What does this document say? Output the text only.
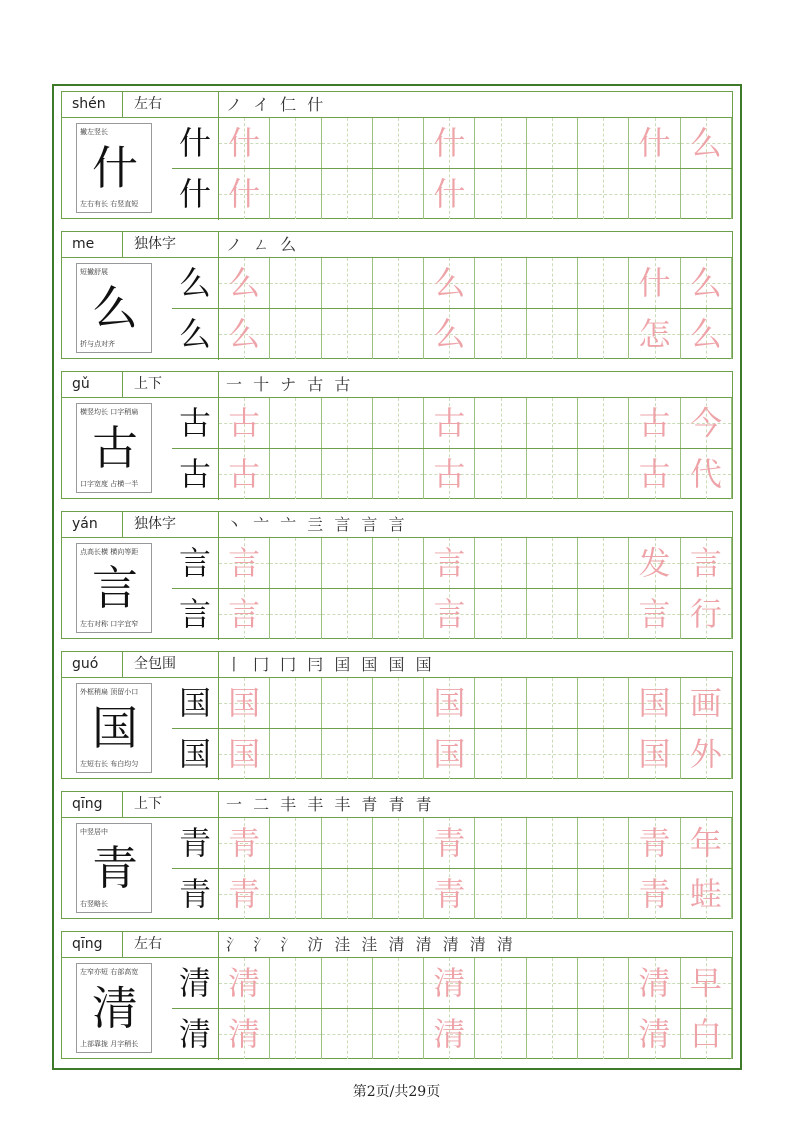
shén	左右	ノ イ 仁 什
撇左竖长
什
左右有长 右竖直短
什
什
什	什	什 么
什	什
me	独体字	ノ ㄥ 么
短撇舒展
么
折与点对齐
么
么
么	么	什 么
么	么	怎 么
gǔ	上下	一 十 ナ 古 古
横竖均长 口字稍扁
古
口字宽度 占横一半
古
古
古	古	古 今
古	古	古 代
yán	独体字	丶 亠 亠 亖 言 言 言
点高长横 横向等距
言
左右对称 口字宜窄
言
言
言	言	发 言
言	言	言 行
guó	全包围	丨 冂 冂 冃 囯 国 国 国
外框稍扁 顶留小口
国
左短右长 布白均匀
国
国
国	国	国 画
国	国	国 外
qīng	上下	一 二 丰 丰 丰 青 青 青
中竖居中
青
右竖略长
青
青
青	青	青 年
青	青	青 蛙
qīng	左右	氵 氵 氵 汸 洼 洼 清 清 清 清 清
左窄亦短 右部高宽
清
上部靠拢 月字稍长
清
清
清	清	清 早
清	清	清 白
第2页/共29页
